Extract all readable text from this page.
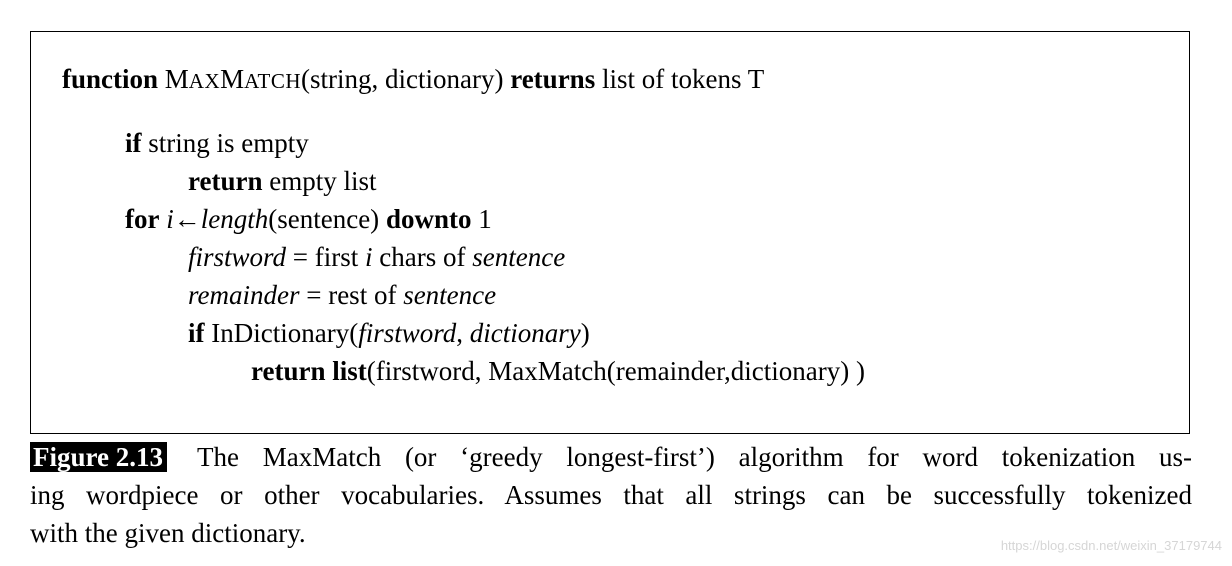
function MAXMATCH(string, dictionary) returns list of tokens T
if string is empty
return empty list
for i←length(sentence) downto 1
firstword = first i chars of sentence
remainder = rest of sentence
if InDictionary(firstword, dictionary)
return list(firstword, MaxMatch(remainder,dictionary) )
Figure 2.13 The MaxMatch (or ‘greedy longest-first’) algorithm for word tokenization us-
ing wordpiece or other vocabularies. Assumes that all strings can be successfully tokenized
with the given dictionary.	https://blog.csdn.net/weixin_37179744
